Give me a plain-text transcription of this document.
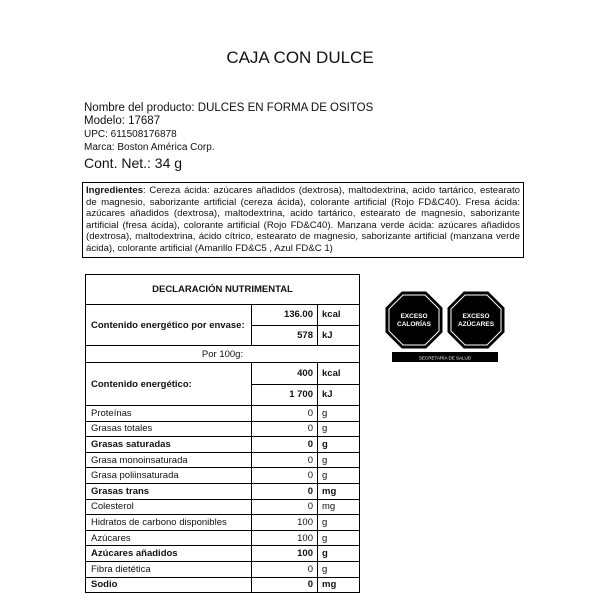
CAJA CON DULCE
Nombre del producto: DULCES EN FORMA DE OSITOS
Modelo: 17687
UPC: 611508176878
Marca: Boston América Corp.
Cont. Net.: 34 g
Ingredientes: Cereza ácida: azúcares añadidos (dextrosa), maltodextrina, acido tartárico, estearato de magnesio, saborizante artificial (cereza ácida), colorante artificial (Rojo FD&C40). Fresa ácida: azúcares añadidos (dextrosa), maltodextrina, acido tartárico, estearato de magnesio, saborizante artificial (fresa ácida), colorante artificial (Rojo FD&C40). Manzana verde ácida: azúcares añadidos (dextrosa), maltodextrina, ácido cítrico, estearato de magnesio, saborizante artificial (manzana verde ácida), colorante artificial (Amarillo FD&C5 , Azul FD&C 1)
DECLARACIÓN NUTRIMENTAL
Contenido energético por envase:
136.00 kcal
578 kJ
Por 100g:
Contenido energético:
400 kcal
1 700 kJ
Proteínas	0 g
Grasas totales	0 g
Grasas saturadas	0 g
Grasa monoinsaturada	0 g
Grasa poliinsaturada	0 g
Grasas trans	0 mg
Colesterol	0 mg
Hidratos de carbono disponibles	100 g
Azúcares	100 g
Azúcares añadidos	100 g
Fibra dietética	0 g
Sodio	0 mg
EXCESO
CALORÍAS
EXCESO
AZÚCARES
SECRETARÍA DE SALUD
